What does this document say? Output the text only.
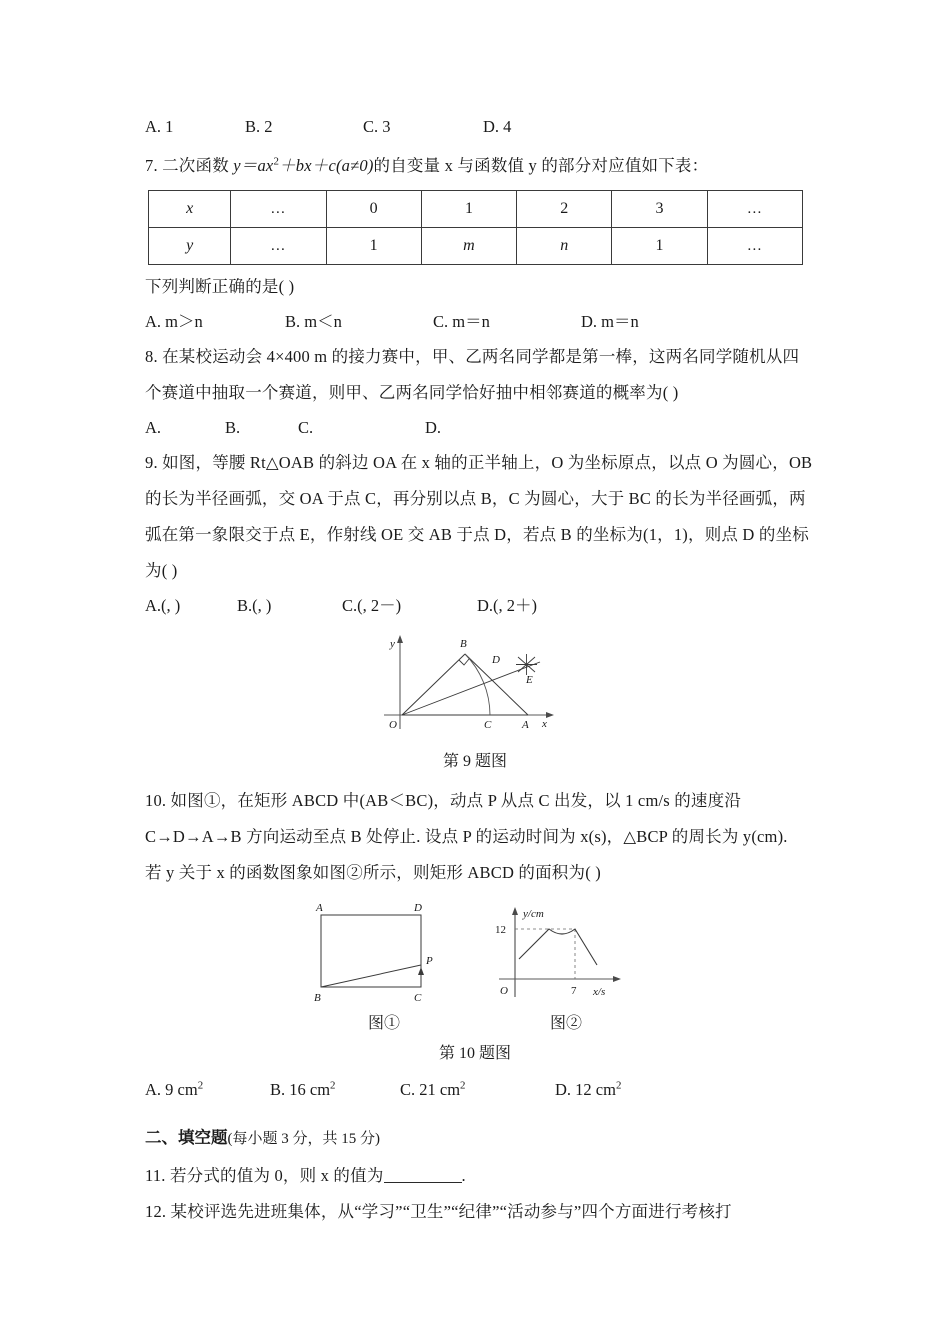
A. 1	B. 2	C. 3	D. 4
7. 二次函数 $y=ax^2+bx+c(a\ne 0)$的自变量 x 与函数值 y 的部分对应值如下表：
x	…	0	1	2	3	…
y	…	1	m	n	1	…
下列判断正确的是( )
A. m＞n	B. m＜n	C. m＝n	D. m＝n
8. 在某校运动会 4×400 m 的接力赛中，甲、乙两名同学都是第一棒，这两名同学随机从四
个赛道中抽取一个赛道，则甲、乙两名同学恰好抽中相邻赛道的概率为( )
A.	B.	C.	D.
9. 如图，等腰 Rt△OAB 的斜边 OA 在 x 轴的正半轴上，O 为坐标原点，以点 O 为圆心，OB
的长为半径画弧，交 OA 于点 C，再分别以点 B，C 为圆心，大于 BC 的长为半径画弧，两
弧在第一象限交于点 E，作射线 OE 交 AB 于点 D，若点 B 的坐标为(1，1)，则点 D 的坐标
为( )
A.(, )	B.(, )	C.(, 2－)	D.(, 2＋)
B
D
E
O	C	A x
y
第 9 题图
10. 如图①，在矩形 ABCD 中(AB＜BC)，动点 P 从点 C 出发，以 1 cm/s 的速度沿
C→D→A→B 方向运动至点 B 处停止. 设点 P 的运动时间为 x(s)，△BCP 的周长为 y(cm).
若 y 关于 x 的函数图象如图②所示，则矩形 ABCD 的面积为( )
A	D
B	C
P
12
7
O
y/cm
x/s
图①	图②
第 10 题图
A. 9 $cm^2$	B. 16 $cm^2$	C. 21 $cm^2$	D. 12 $cm^2$
二、填空题(每小题 3 分，共 15 分)
11. 若分式的值为 0，则 x 的值为	.
12. 某校评选先进班集体，从“学习”“卫生”“纪律”“活动参与”四个方面进行考核打
